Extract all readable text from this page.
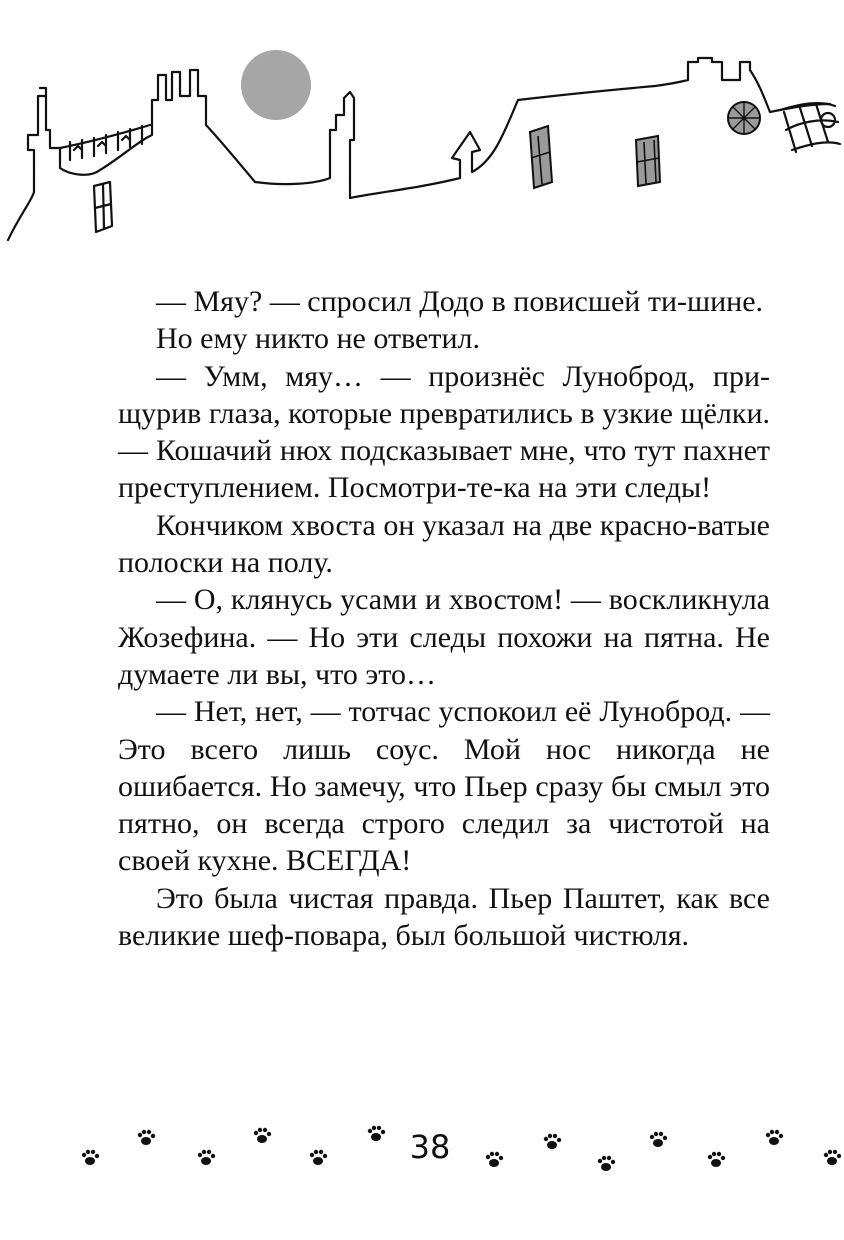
— Мяу? — спросил Додо в повисшей ти-шине.

Но ему никто не ответил.

— Умм, мяу… — произнёс Луноброд, при-щурив глаза, которые превратились в узкие щёлки. — Кошачий нюх подсказывает мне, что тут пахнет преступлением. Посмотри-те-ка на эти следы!

Кончиком хвоста он указал на две красно-ватые полоски на полу.

— О, клянусь усами и хвостом! — воскликнула Жозефина. — Но эти следы похожи на пятна. Не думаете ли вы, что это…

— Нет, нет, — тотчас успокоил её Луноброд. — Это всего лишь соус. Мой нос никогда не ошибается. Но замечу, что Пьер сразу бы смыл это пятно, он всегда строго следил за чистотой на своей кухне. ВСЕГДА!

Это была чистая правда. Пьер Паштет, как все великие шеф-повара, был большой чистюля.

38
